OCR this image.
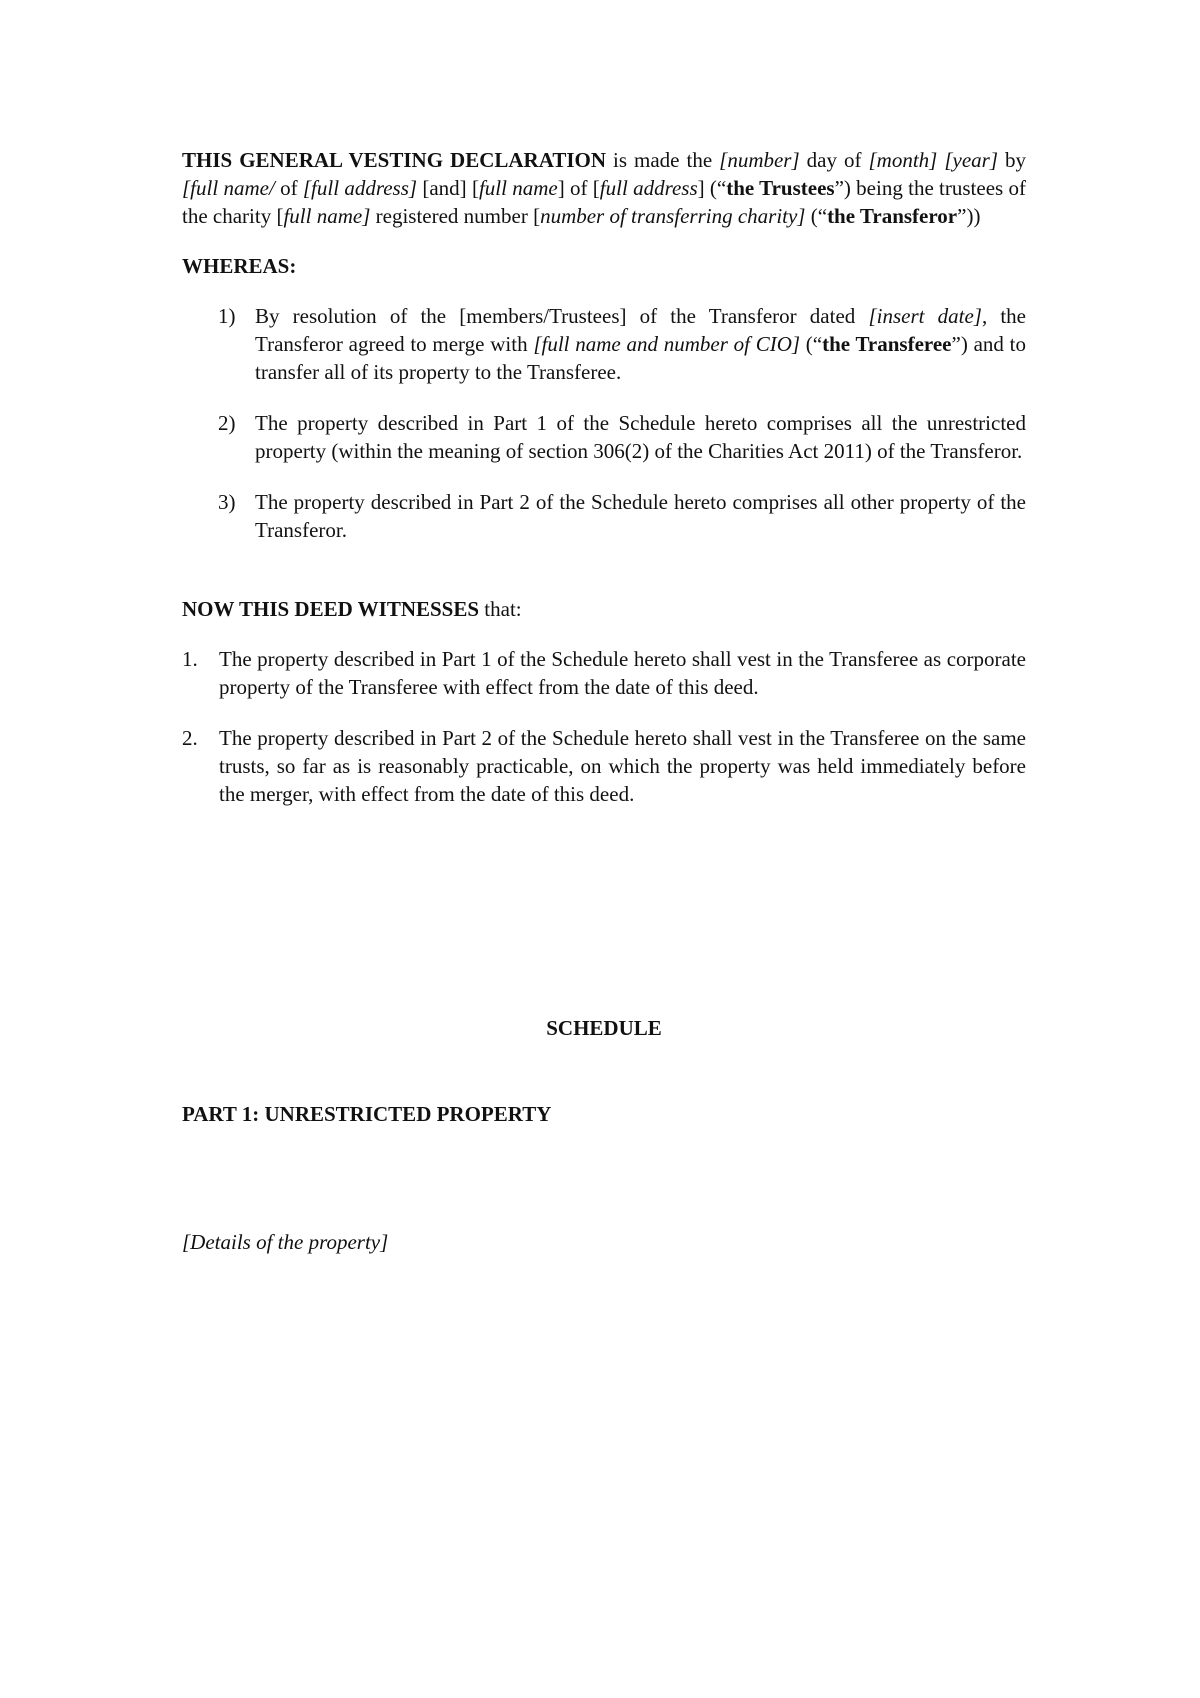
THIS GENERAL VESTING DECLARATION is made the [number] day of [month] [year] by [full name/ of [full address] [and] [full name] of [full address] (“the Trustees”) being the trustees of the charity [full name] registered number [number of transferring charity] (“the Transferor”))

WHEREAS:

1) By resolution of the [members/Trustees] of the Transferor dated [insert date], the Transferor agreed to merge with [full name and number of CIO] (“the Transferee”) and to transfer all of its property to the Transferee.

2) The property described in Part 1 of the Schedule hereto comprises all the unrestricted property (within the meaning of section 306(2) of the Charities Act 2011) of the Transferor.

3) The property described in Part 2 of the Schedule hereto comprises all other property of the Transferor.

NOW THIS DEED WITNESSES that:

1. The property described in Part 1 of the Schedule hereto shall vest in the Transferee as corporate property of the Transferee with effect from the date of this deed.

2. The property described in Part 2 of the Schedule hereto shall vest in the Transferee on the same trusts, so far as is reasonably practicable, on which the property was held immediately before the merger, with effect from the date of this deed.

SCHEDULE

PART 1: UNRESTRICTED PROPERTY

[Details of the property]
